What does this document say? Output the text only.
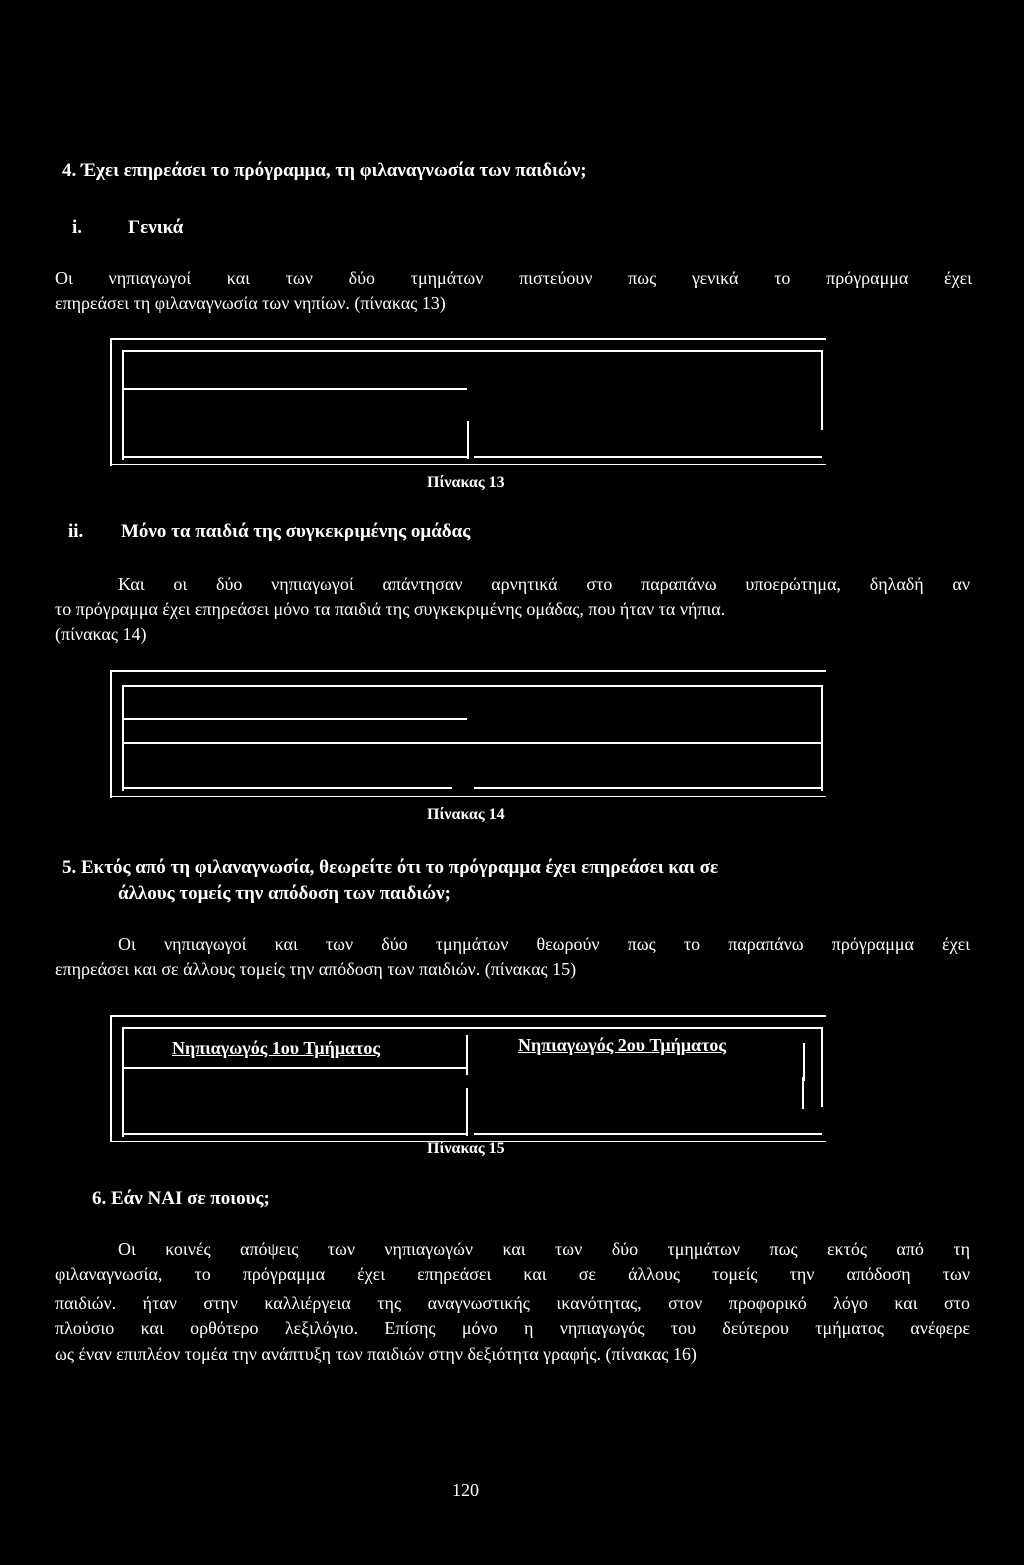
4. Έχει επηρεάσει το πρόγραμμα, τη φιλαναγνωσία των παιδιών;
i. Γενικά
Οι νηπιαγωγοί και των δύο τμημάτων πιστεύουν πως γενικά το πρόγραμμα έχει
επηρεάσει τη φιλαναγνωσία των νηπίων. (πίνακας 13)
Πίνακας 13
ii. Μόνο τα παιδιά της συγκεκριμένης ομάδας
Και οι δύο νηπιαγωγοί απάντησαν αρνητικά στο παραπάνω υποερώτημα, δηλαδή αν
το πρόγραμμα έχει επηρεάσει μόνο τα παιδιά της συγκεκριμένης ομάδας, που ήταν τα νήπια.
(πίνακας 14)
Πίνακας 14
5. Εκτός από τη φιλαναγνωσία, θεωρείτε ότι το πρόγραμμα έχει επηρεάσει και σε
άλλους τομείς την απόδοση των παιδιών;
Οι νηπιαγωγοί και των δύο τμημάτων θεωρούν πως το παραπάνω πρόγραμμα έχει
επηρεάσει και σε άλλους τομείς την απόδοση των παιδιών. (πίνακας 15)
Νηπιαγωγός 1ου Τμήματος	Νηπιαγωγός 2ου Τμήματος
Πίνακας 15
6. Εάν ΝΑΙ σε ποιους;
Οι κοινές απόψεις των νηπιαγωγών και των δύο τμημάτων πως εκτός από τη
φιλαναγνωσία, το πρόγραμμα έχει επηρεάσει και σε άλλους τομείς την απόδοση των
παιδιών. ήταν στην καλλιέργεια της αναγνωστικής ικανότητας, στον προφορικό λόγο και στο
πλούσιο και ορθότερο λεξιλόγιο. Επίσης μόνο η νηπιαγωγός του δεύτερου τμήματος ανέφερε
ως έναν επιπλέον τομέα την ανάπτυξη των παιδιών στην δεξιότητα γραφής. (πίνακας 16)
120
